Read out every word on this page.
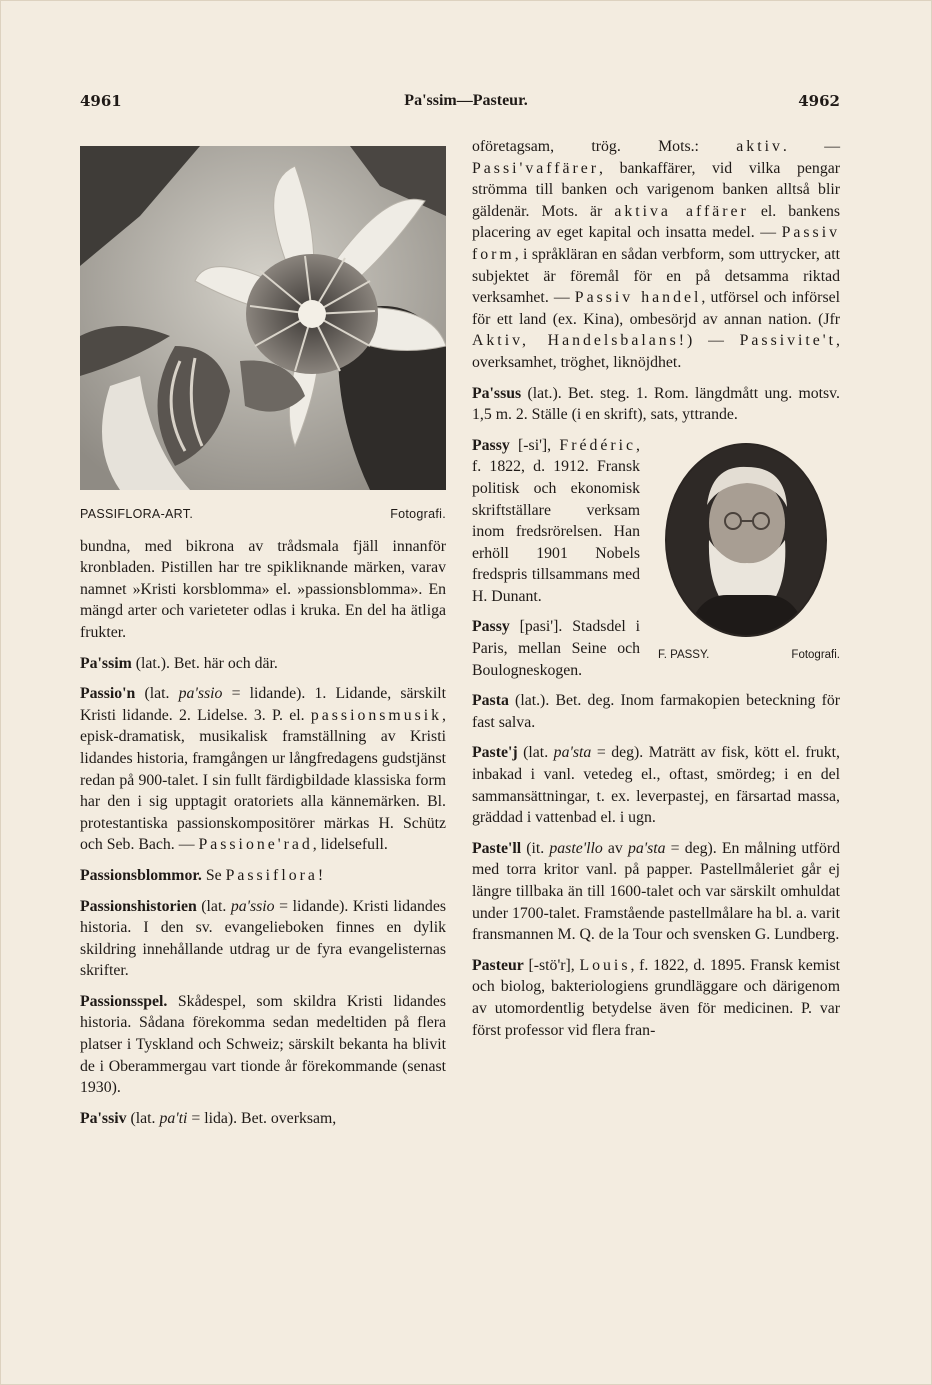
4961	Pa'ssim—Pasteur.	4962
PASSIFLORA-ART.	Fotografi.

bundna, med bikrona av trådsmala fjäll innanför kronbladen. Pistillen har tre spikliknande märken, varav namnet »Kristi korsblomma» el. »passionsblomma». En mängd arter och varieteter odlas i kruka. En del ha ätliga frukter.

Pa'ssim (lat.). Bet. här och där.

Passio'n (lat. pa'ssio = lidande). 1. Lidande, särskilt Kristi lidande. 2. Lidelse. 3. P. el. passionsmusik, episk-dramatisk, musikalisk framställning av Kristi lidandes historia, framgången ur långfredagens gudstjänst redan på 900-talet. I sin fullt färdigbildade klassiska form har den i sig upptagit oratoriets alla kännemärken. Bl. protestantiska passionskompositörer märkas H. Schütz och Seb. Bach. — Passione'rad, lidelsefull.

Passionsblommor. Se Passiflora!

Passionshistorien (lat. pa'ssio = lidande). Kristi lidandes historia. I den sv. evangelieboken finnes en dylik skildring innehållande utdrag ur de fyra evangelisternas skrifter.

Passionsspel. Skådespel, som skildra Kristi lidandes historia. Sådana förekomma sedan medeltiden på flera platser i Tyskland och Schweiz; särskilt bekanta ha blivit de i Oberammergau vart tionde år förekommande (senast 1930).

Pa'ssiv (lat. pa'ti = lida). Bet. overksam,

oföretagsam, trög. Mots.: aktiv. — Passi'vaffärer, bankaffärer, vid vilka pengar strömma till banken och varigenom banken alltså blir gäldenär. Mots. är aktiva affärer el. bankens placering av eget kapital och insatta medel. — Passiv form, i språkläran en sådan verbform, som uttrycker, att subjektet är föremål för en på detsamma riktad verksamhet. — Passiv handel, utförsel och införsel för ett land (ex. Kina), ombesörjd av annan nation. (Jfr Aktiv, Handelsbalans!) — Passivite't, overksamhet, tröghet, liknöjdhet.

Pa'ssus (lat.). Bet. steg. 1. Rom. längdmått ung. motsv. 1,5 m. 2. Ställe (i en skrift), sats, yttrande.

F. PASSY.	Fotografi.
Passy [-si'], Frédéric, f. 1822, d. 1912. Fransk politisk och ekonomisk skriftställare verksam inom fredsrörelsen. Han erhöll 1901 Nobels fredspris tillsammans med H. Dunant.

Passy [pasi']. Stadsdel i Paris, mellan Seine och Boulogneskogen.

Pasta (lat.). Bet. deg. Inom farmakopien beteckning för fast salva.

Paste'j (lat. pa'sta = deg). Maträtt av fisk, kött el. frukt, inbakad i vanl. vetedeg el., oftast, smördeg; i en del sammansättningar, t. ex. leverpastej, en färsartad massa, gräddad i vattenbad el. i ugn.

Paste'll (it. paste'llo av pa'sta = deg). En målning utförd med torra kritor vanl. på papper. Pastellmåleriet går ej längre tillbaka än till 1600-talet och var särskilt omhuldat under 1700-talet. Framstående pastellmålare ha bl. a. varit fransmannen M. Q. de la Tour och svensken G. Lundberg.

Pasteur [-stö'r], Louis, f. 1822, d. 1895. Fransk kemist och biolog, bakteriologiens grundläggare och därigenom av utomordentlig betydelse även för medicinen. P. var först professor vid flera fran-
